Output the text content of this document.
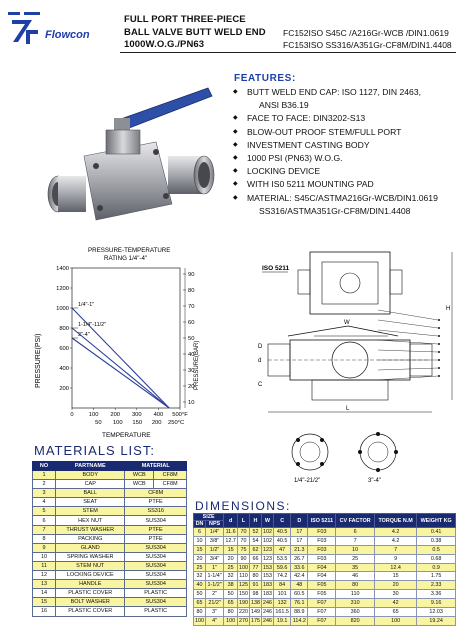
Flowcon
FULL PORT THREE-PIECE
BALL VALVE BUTT WELD END
1000W.O.G./PN63
FC152ISO S45C /A216Gr-WCB /DIN1.0619
FC153ISO SS316/A351Gr-CF8M/DIN1.4408
FEATURES:
◆ BUTT WELD END CAP: ISO 1127, DIN 2463,
ANSI B36.19
◆ FACE TO FACE: DIN3202-S13
◆ BLOW-OUT PROOF STEM/FULL PORT
◆ INVESTMENT CASTING BODY
◆ 1000 PSI (PN63) W.O.G.
◆ LOCKING DEVICE
◆ WITH IS0 5211 MOUNTING PAD
◆ MATERIAL: S45C/ASTMA216Gr-WCB/DIN1.0619
SS316/ASTMA351Gr-CF8M/DIN1.4408
PRESSURE-TEMPERATURE
RATING 1/4"-4"
PRESSURE(PSI)	PRESSURE(BAR)
TEMPERATURE
1400
1200
1000
800
600
400
200
90
80
70
60
50
40
30
20
10
0	100 200 300 400 500°F
50 100 150 200 250°C
1/4"-1"
1-1/4"-11/2"
2"-4"
ISO 5211
L
H
W
d
D
C
1/4"-21/2"	3"-4"
MATERIALS LIST:
NO	PARTNAME	MATERIAL	
1	BODY	WCB	CF8M
2	CAP	WCB	CF8M
3	BALL	CF8M	
4	SEAT	PTFE	
5	STEM	SS316	
6	HEX NUT	SUS304	
7	THRUST WASHER	PTFE	
8	PACKING	PTFE	
9	GLAND	SUS304	
10	SPRING WASHER	SUS304	
11	STEM NUT	SUS304	
12	LOCKING DEVICE	SUS304	
13	HANDLE	SUS304	
14	PLASTIC COVER	PLASTIC	
15	BOLT WASHER	SUS304	
16	PLASTIC COVER	PLASTIC	
DIMENSIONS:
SIZE		d	L	H	W	C	D	ISO 5211	CV FACTOR	TORQUE N.M	WEIGHT KG
DN	NPS										
6	1/4"	11.6	70	52	102	40.5	17	F03	6	4.2	0.41
10	3/8"	12.7	70	54	102	40.5	17	F03	7	4.2	0.38
15	1/2"	15	75	62	123	47	21.3	F03	10	7	0.5
20	3/4"	20	90	66	123	53.5	26.7	F03	25	9	0.68
25	1"	25	100	77	153	59.6	33.6	F04	35	12.4	0.9
32	1-1/4"	32	110	80	153	74.2	42.4	F04	46	15	1.75
40	1-1/2"	38	125	91	183	84	48	F05	80	20	2.33
50	2"	50	150	98	183	101	60.5	F05	110	30	3.36
65	21/2"	65	190	138	246	132	76.1	F07	310	42	9.16
80	3"	80	220	149	246	161.5	88.9	F07	360	65	12.03
100	4"	100	270	175	246	19.1	114.2	F07	820	100	19.24
